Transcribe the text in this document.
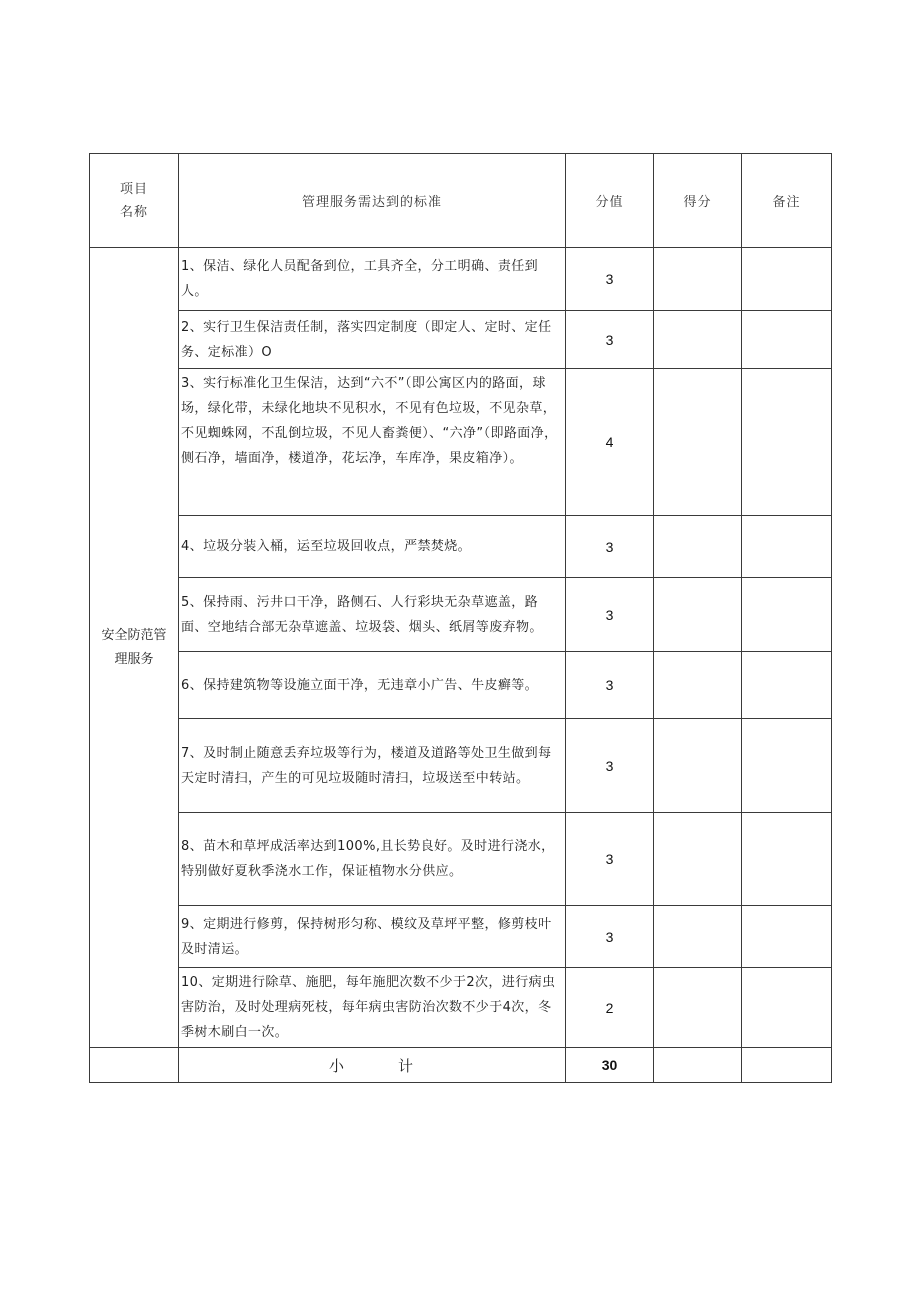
项目
名称	管理服务需达到的标准	分值	得分	备注

安全防范管
理服务	1、保洁、绿化人员配备到位，工具齐全，分工明确、责任到人。	3		
	2、实行卫生保洁责任制，落实四定制度（即定人、定时、定任务、定标准）O	3		
	3、实行标准化卫生保洁，达到“六不”（即公寓区内的路面，球场，绿化带，未绿化地块不见积水，不见有色垃圾，不见杂草，不见蜘蛛网，不乱倒垃圾，不见人畜粪便）、“六净”（即路面净，侧石净，墙面净，楼道净，花坛净，车库净，果皮箱净）。	4		
	4、垃圾分装入桶，运至垃圾回收点，严禁焚烧。	3		
	5、保持雨、污井口干净，路侧石、人行彩块无杂草遮盖，路面、空地结合部无杂草遮盖、垃圾袋、烟头、纸屑等废弃物。	3		
	6、保持建筑物等设施立面干净，无违章小广告、牛皮癣等。	3		
	7、及时制止随意丢弃垃圾等行为，楼道及道路等处卫生做到每天定时清扫，产生的可见垃圾随时清扫，垃圾送至中转站。	3		
	8、苗木和草坪成活率达到100%,且长势良好。及时进行浇水，特别做好夏秋季浇水工作，保证植物水分供应。	3		
	9、定期进行修剪，保持树形匀称、模纹及草坪平整，修剪枝叶及时清运。	3		
	10、定期进行除草、施肥，每年施肥次数不少于2次，进行病虫害防治，及时处理病死枝，每年病虫害防治次数不少于4次，冬季树木刷白一次。	2		
	小 计	30		
